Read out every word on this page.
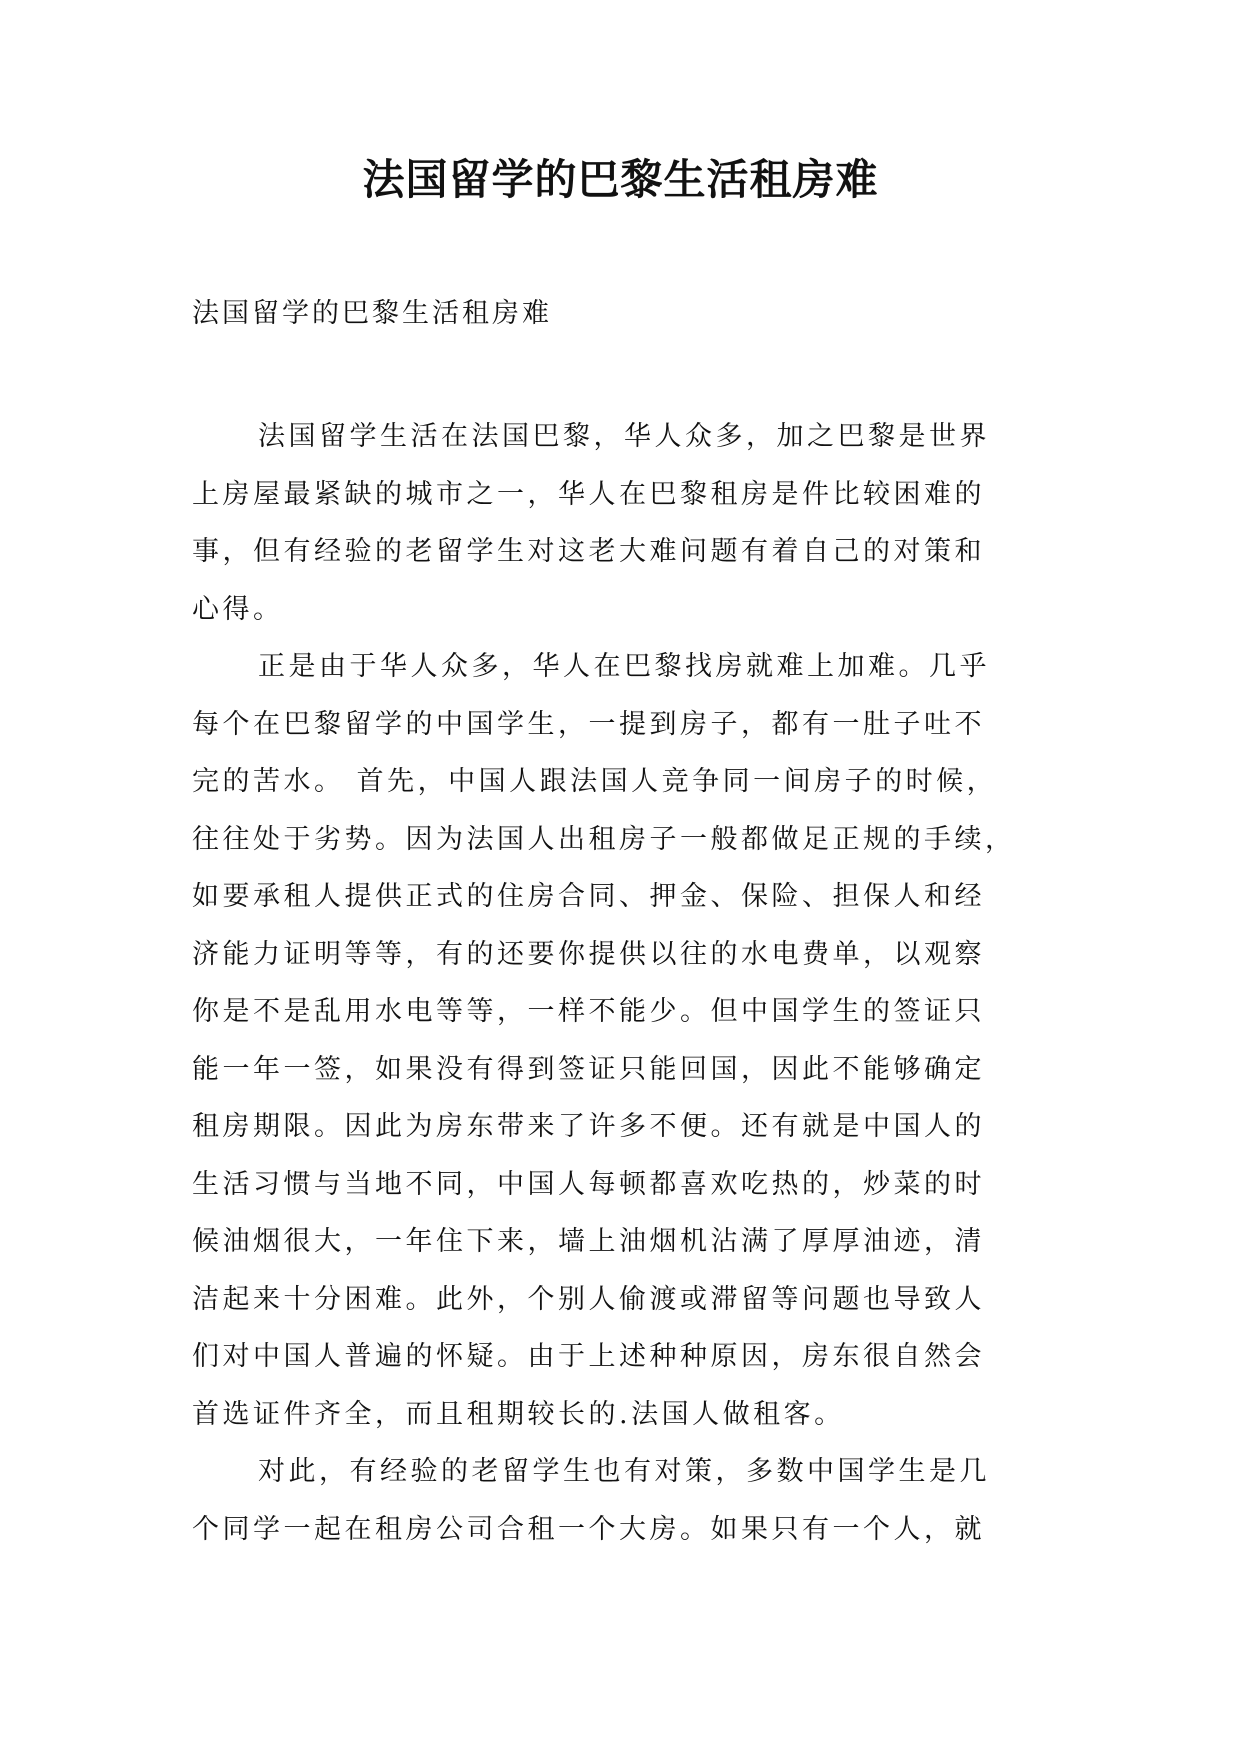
法国留学的巴黎生活租房难

法国留学的巴黎生活租房难

法国留学生活在法国巴黎，华人众多，加之巴黎是世界
上房屋最紧缺的城市之一，华人在巴黎租房是件比较困难的
事，但有经验的老留学生对这老大难问题有着自己的对策和
心得。

正是由于华人众多，华人在巴黎找房就难上加难。几乎
每个在巴黎留学的中国学生，一提到房子，都有一肚子吐不
完的苦水。 首先，中国人跟法国人竞争同一间房子的时候，
往往处于劣势。因为法国人出租房子一般都做足正规的手续，
如要承租人提供正式的住房合同、押金、保险、担保人和经
济能力证明等等，有的还要你提供以往的水电费单，以观察
你是不是乱用水电等等，一样不能少。但中国学生的签证只
能一年一签，如果没有得到签证只能回国，因此不能够确定
租房期限。因此为房东带来了许多不便。还有就是中国人的
生活习惯与当地不同，中国人每顿都喜欢吃热的，炒菜的时
候油烟很大，一年住下来，墙上油烟机沾满了厚厚油迹，清
洁起来十分困难。此外，个别人偷渡或滞留等问题也导致人
们对中国人普遍的怀疑。由于上述种种原因，房东很自然会
首选证件齐全，而且租期较长的.法国人做租客。

对此，有经验的老留学生也有对策，多数中国学生是几
个同学一起在租房公司合租一个大房。如果只有一个人，就
